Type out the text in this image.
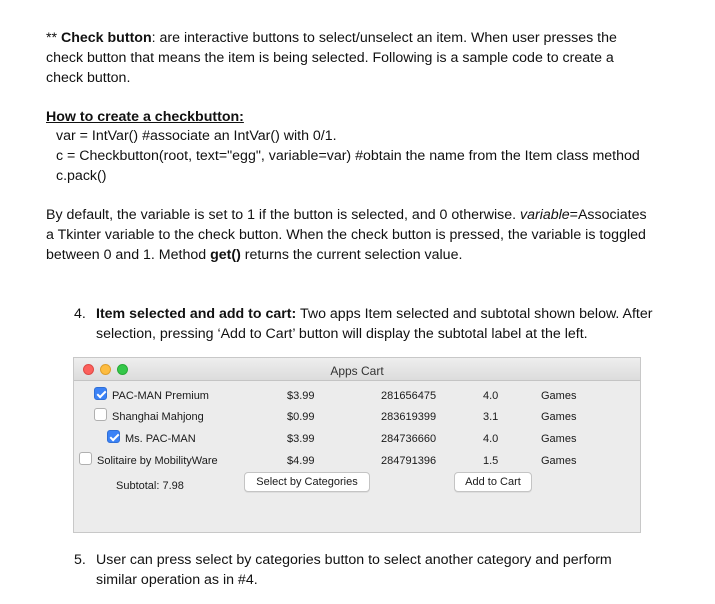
** Check button: are interactive buttons to select/unselect an item. When user presses the
check button that means the item is being selected. Following is a sample code to create a
check button.
How to create a checkbutton:
var = IntVar() #associate an IntVar() with 0/1.
c = Checkbutton(root, text="egg", variable=var) #obtain the name from the Item class method
c.pack()
By default, the variable is set to 1 if the button is selected, and 0 otherwise. variable=Associates
a Tkinter variable to the check button. When the check button is pressed, the variable is toggled
between 0 and 1. Method get() returns the current selection value.
4. Item selected and add to cart: Two apps Item selected and subtotal shown below. After
selection, pressing ‘Add to Cart’ button will display the subtotal label at the left.
Apps Cart
PAC-MAN Premium	$3.99	281656475	4.0	Games
Shanghai Mahjong	$0.99	283619399	3.1	Games
Ms. PAC-MAN	$3.99	284736660	4.0	Games
Solitaire by MobilityWare	$4.99	284791396	1.5	Games
Subtotal: 7.98	Select by Categories	Add to Cart
5. User can press select by categories button to select another category and perform
similar operation as in #4.
